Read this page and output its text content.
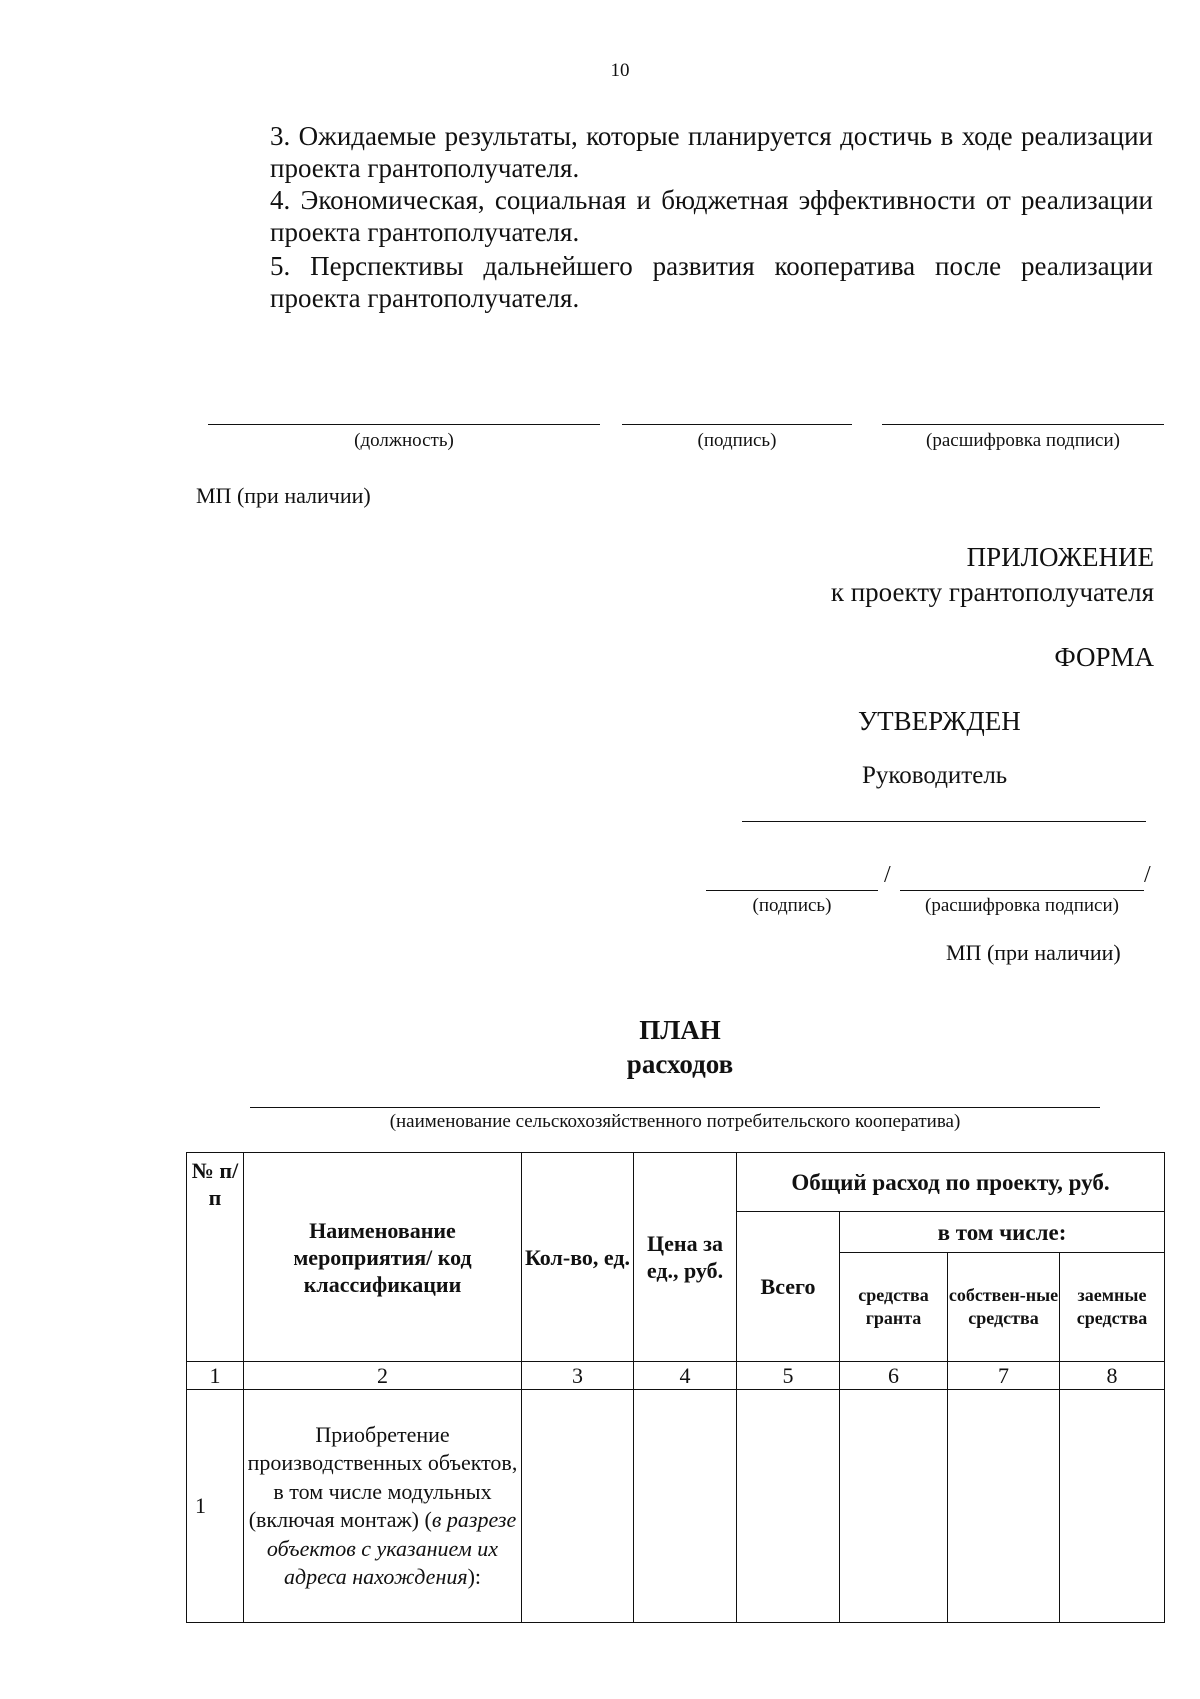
10
3. Ожидаемые результаты, которые планируется достичь в ходе реализации проекта грантополучателя.
4. Экономическая, социальная и бюджетная эффективности от реализации проекта грантополучателя.
5. Перспективы дальнейшего развития кооператива после реализации проекта грантополучателя.
(должность)	(подпись)	(расшифровка подписи)
МП (при наличии)
ПРИЛОЖЕНИЕ
к проекту грантополучателя
ФОРМА
УТВЕРЖДЕН
Руководитель
/	/
(подпись)	(расшифровка подписи)
МП (при наличии)
ПЛАН
расходов
(наименование сельскохозяйственного потребительского кооператива)
№ п/ п	Наименование мероприятия/ код классификации	Кол-во, ед.	Цена за ед., руб.	Общий расход по проекту, руб.			
				Всего	в том числе:		
					средства гранта	собствен-ные средства	заемные средства
1	2	3	4	5	6	7	8
1	Приобретение производственных объектов, в том числе модульных (включая монтаж) (в разрезе объектов с указанием их адреса нахождения):						
